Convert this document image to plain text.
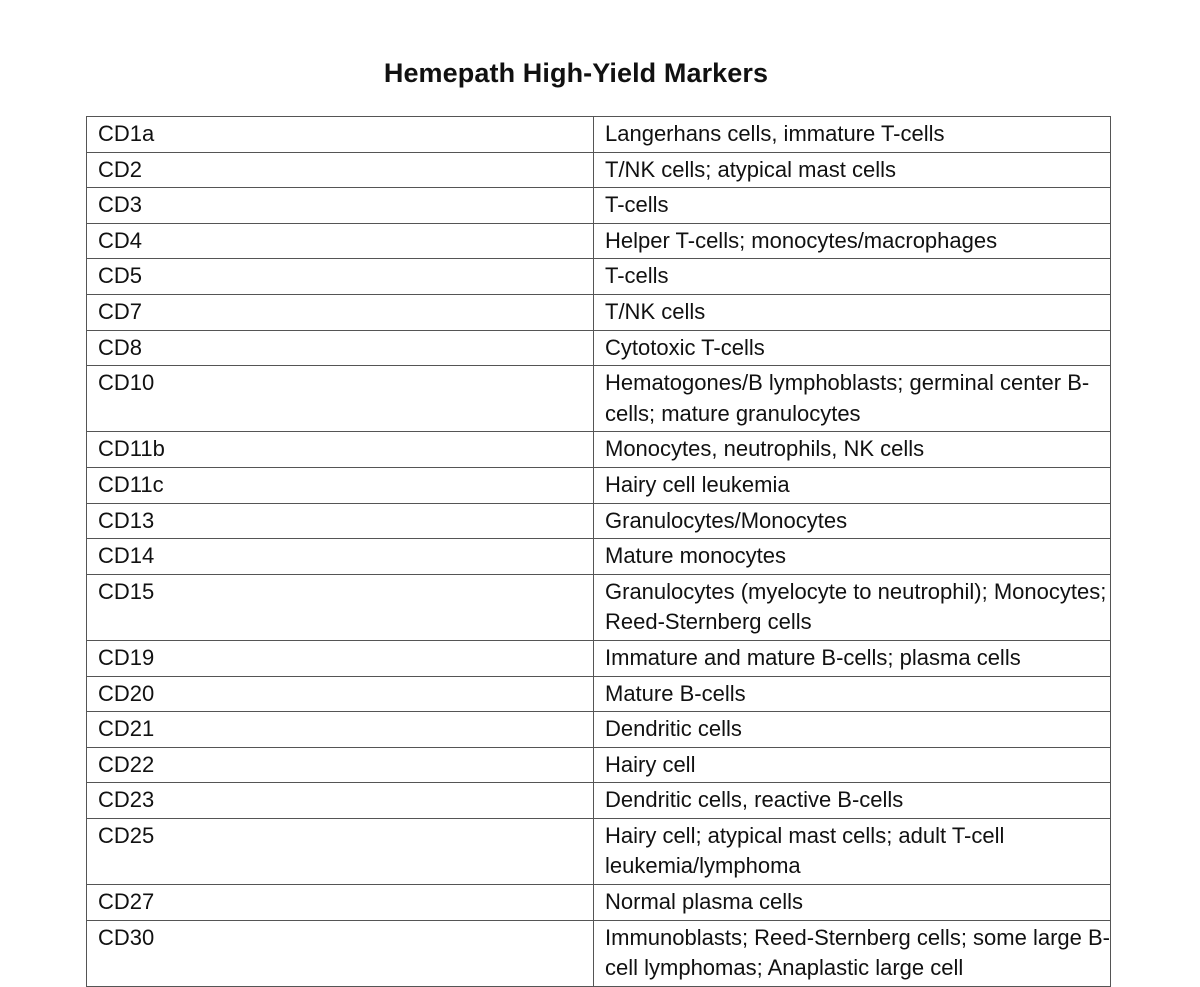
Hemepath High-Yield Markers
CD1a	Langerhans cells, immature T-cells
CD2	T/NK cells; atypical mast cells
CD3	T-cells
CD4	Helper T-cells; monocytes/macrophages
CD5	T-cells
CD7	T/NK cells
CD8	Cytotoxic T-cells
CD10	Hematogones/B lymphoblasts; germinal center B-cells; mature granulocytes
CD11b	Monocytes, neutrophils, NK cells
CD11c	Hairy cell leukemia
CD13	Granulocytes/Monocytes
CD14	Mature monocytes
CD15	Granulocytes (myelocyte to neutrophil); Monocytes; Reed-Sternberg cells
CD19	Immature and mature B-cells; plasma cells
CD20	Mature B-cells
CD21	Dendritic cells
CD22	Hairy cell
CD23	Dendritic cells, reactive B-cells
CD25	Hairy cell; atypical mast cells; adult T-cell leukemia/lymphoma
CD27	Normal plasma cells
CD30	Immunoblasts; Reed-Sternberg cells; some large B-cell lymphomas; Anaplastic large cell
